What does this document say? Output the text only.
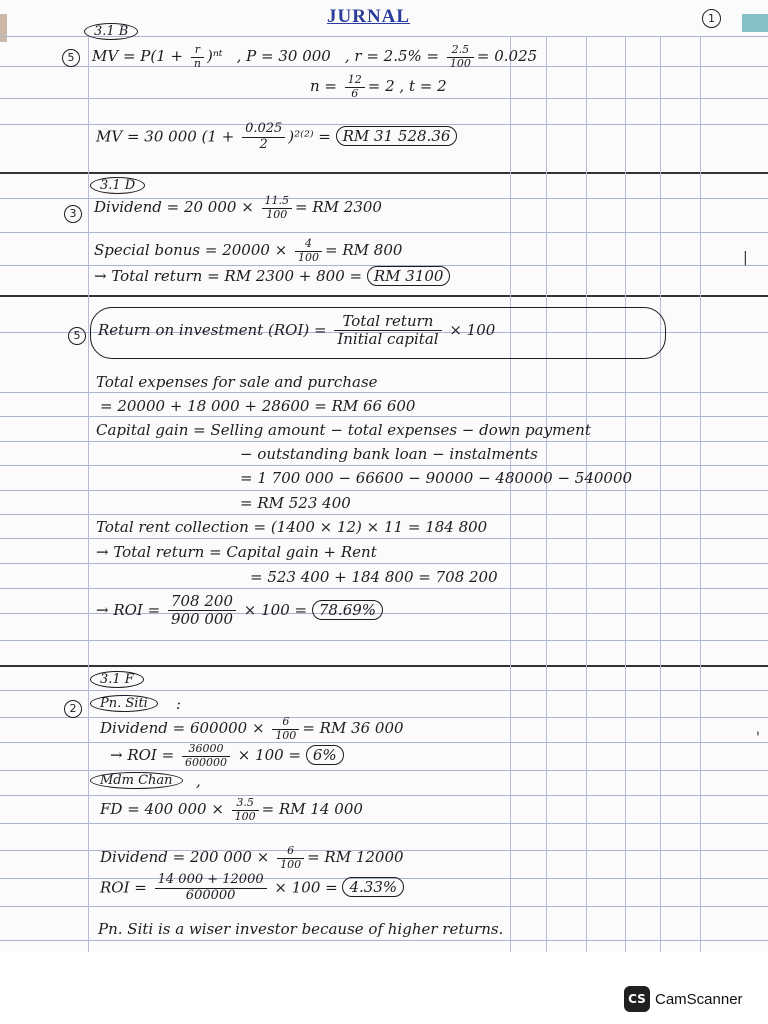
JURNAL	1
3.1 B
5	MV = $P(1 + \frac{r}{n}$ )ⁿᵗ , P = 30 000 , $r = 2.5\% = \frac{2.5}{100} = 0.025$
$n = \frac{12}{6} = 2$ , t = 2
MV = 30 000 $(1 + \frac{0.025}{2} )^{2(2)}$ = RM 31 528.36
3.1 D
3	Dividend = 20 $000 \times \frac{11.5}{100}$ = RM 2300
Special bonus = $20000 \times \frac{4}{100}$ = RM 800
→ Total return = RM 2300 + 800 = RM 3100
5	Return on investment $(ROI) = \frac{\text{Total return}}{\text{Initial capital}} \times 100$
Total expenses for sale and purchase
= 20000 + 18 000 + 28600 = RM 66 600
Capital gain = Selling amount − total expenses − down payment
− outstanding bank loan − instalments
= 1 700 000 − 66600 − 90000 − 480000 − 540000
= RM 523 400
Total rent collection = (1400 × 12) × 11 = 184 800
→ Total return = Capital gain + Rent
= 523 400 + 184 800 = 708 200
→ ROI = $\frac{708 200}{900 000} \times 100 = 78.69\%$
3.1 F
2	Pn. Siti	:
Dividend = $600000 \times \frac{6}{100}$ = RM 36 000
→ ROI = $\frac{36000}{600000} \times 100 = 6\%$
Mdm Chan	,
FD = 400 $000 \times \frac{3.5}{100}$ = RM 14 000
Dividend = 200 $000 \times \frac{6}{100}$ = RM 12000
ROI = $\frac{14 000 + 12000}{600000} \times 100 = 4.33\%$
Pn. Siti is a wiser investor because of higher returns.
|
'
CS CamScanner
